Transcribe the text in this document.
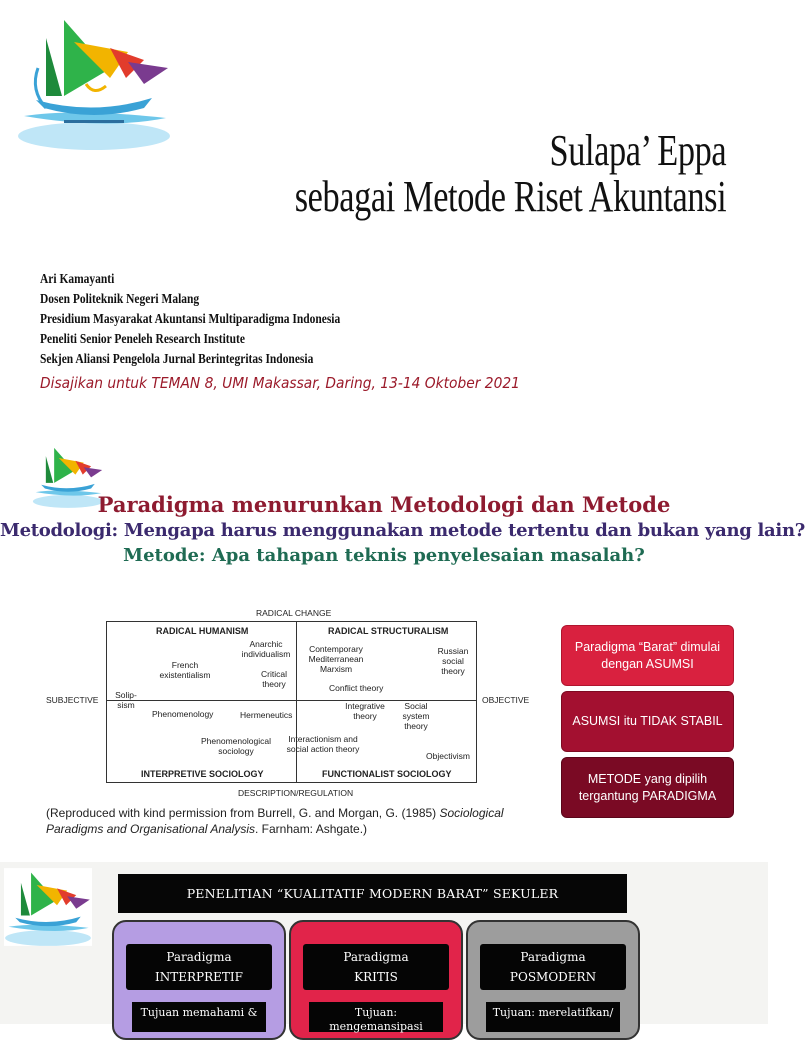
Sulapa’ Eppa
sebagai Metode Riset Akuntansi
Ari Kamayanti
Dosen Politeknik Negeri Malang
Presidium Masyarakat Akuntansi Multiparadigma Indonesia
Peneliti Senior Peneleh Research Institute
Sekjen Aliansi Pengelola Jurnal Berintegritas Indonesia
Disajikan untuk TEMAN 8, UMI Makassar, Daring, 13-14 Oktober 2021
Paradigma menurunkan Metodologi dan Metode
Metodologi: Mengapa harus menggunakan metode tertentu dan bukan yang lain?
Metode: Apa tahapan teknis penyelesaian masalah?
RADICAL CHANGE
DESCRIPTION/REGULATION
SUBJECTIVE	OBJECTIVE
RADICAL HUMANISM	RADICAL STRUCTURALISM
INTERPRETIVE SOCIOLOGY	FUNCTIONALIST SOCIOLOGY
Anarchic individualism
French existentialism	Critical theory
Contemporary Mediterranean Marxism
Russian social theory
Conflict theory
Solip- sism
Phenomenology	Hermeneutics
Integrative theory
Social system theory
Phenomenological sociology
Interactionism and social action theory
Objectivism
(Reproduced with kind permission from Burrell, G. and Morgan, G. (1985) Sociological Paradigms and Organisational Analysis. Farnham: Ashgate.)
Paradigma “Barat” dimulai dengan ASUMSI
ASUMSI itu TIDAK STABIL
METODE yang dipilih tergantung PARADIGMA
PENELITIAN “KUALITATIF MODERN BARAT” SEKULER
Paradigma
INTERPRETIF
Tujuan memahami &
Paradigma
KRITIS
Tujuan: mengemansipasi
Paradigma
POSMODERN
Tujuan: merelatifkan/
